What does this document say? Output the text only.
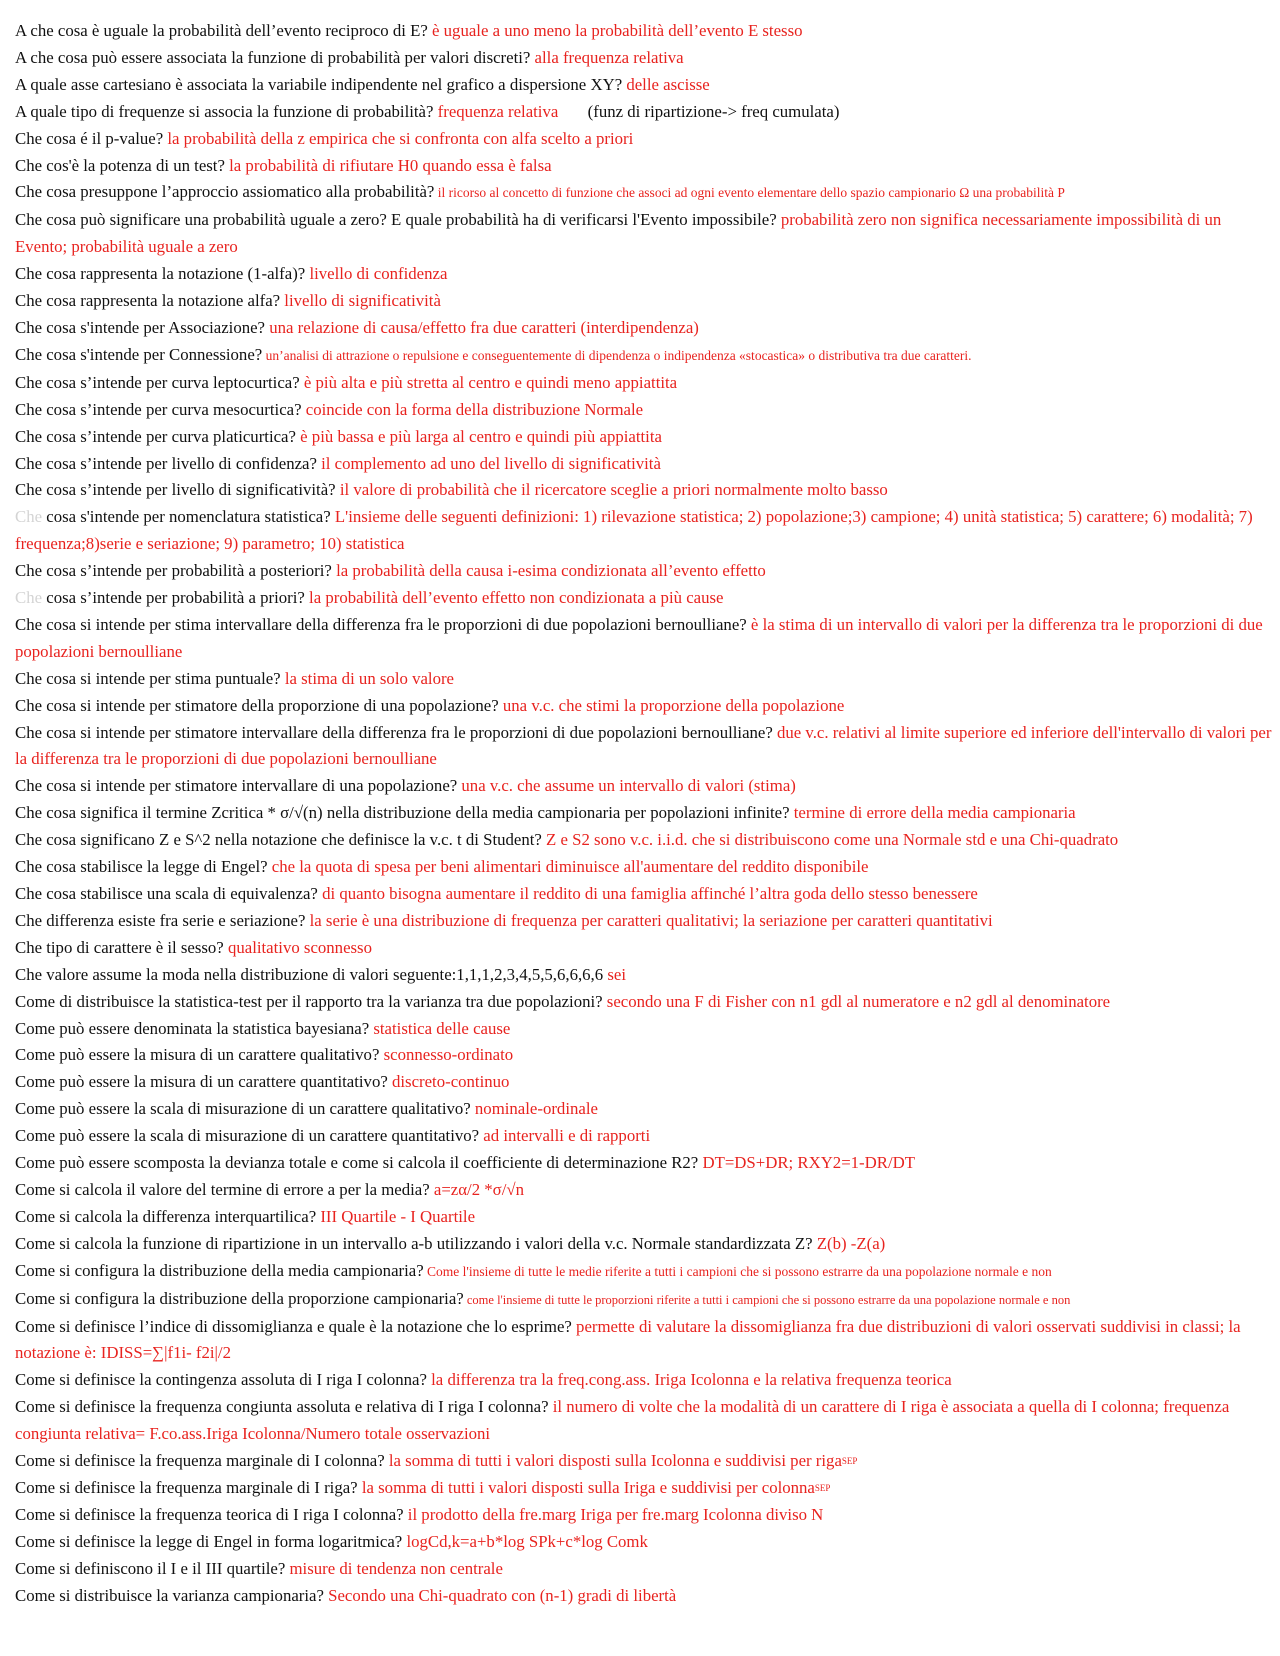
A che cosa è uguale la probabilità dell’evento reciproco di E? è uguale a uno meno la probabilità dell’evento E stesso
A che cosa può essere associata la funzione di probabilità per valori discreti? alla frequenza relativa
A quale asse cartesiano è associata la variabile indipendente nel grafico a dispersione XY? delle ascisse
A quale tipo di frequenze si associa la funzione di probabilità? frequenza relativa       (funz di ripartizione-> freq cumulata)
Che cosa é il p-value? la probabilità della z empirica che si confronta con alfa scelto a priori
Che cos'è la potenza di un test? la probabilità di rifiutare H0 quando essa è falsa
Che cosa presuppone l’approccio assiomatico alla probabilità? il ricorso al concetto di funzione che associ ad ogni evento elementare dello spazio campionario Ω una probabilità P
Che cosa può significare una probabilità uguale a zero? E quale probabilità ha di verificarsi l'Evento impossibile? probabilità zero non significa necessariamente impossibilità di un Evento; probabilità uguale a zero
Che cosa rappresenta la notazione (1-alfa)? livello di confidenza
Che cosa rappresenta la notazione alfa? livello di significatività
Che cosa s'intende per Associazione? una relazione di causa/effetto fra due caratteri (interdipendenza)
Che cosa s'intende per Connessione? un’analisi di attrazione o repulsione e conseguentemente di dipendenza o indipendenza «stocastica» o distributiva tra due caratteri.
Che cosa s’intende per curva leptocurtica? è più alta e più stretta al centro e quindi meno appiattita
Che cosa s’intende per curva mesocurtica? coincide con la forma della distribuzione Normale
Che cosa s’intende per curva platicurtica? è più bassa e più larga al centro e quindi più appiattita
Che cosa s’intende per livello di confidenza? il complemento ad uno del livello di significatività
Che cosa s’intende per livello di significatività? il valore di probabilità che il ricercatore sceglie a priori normalmente molto basso
Che cosa s'intende per nomenclatura statistica? L'insieme delle seguenti definizioni: 1) rilevazione statistica; 2) popolazione;3) campione; 4) unità statistica; 5) carattere; 6) modalità; 7) frequenza;8)serie e seriazione; 9) parametro; 10) statistica
Che cosa s’intende per probabilità a posteriori? la probabilità della causa i-esima condizionata all’evento effetto
Che cosa s’intende per probabilità a priori? la probabilità dell’evento effetto non condizionata a più cause
Che cosa si intende per stima intervallare della differenza fra le proporzioni di due popolazioni bernoulliane? è la stima di un intervallo di valori per la differenza tra le proporzioni di due popolazioni bernoulliane
Che cosa si intende per stima puntuale? la stima di un solo valore
Che cosa si intende per stimatore della proporzione di una popolazione? una v.c. che stimi la proporzione della popolazione
Che cosa si intende per stimatore intervallare della differenza fra le proporzioni di due popolazioni bernoulliane? due v.c. relativi al limite superiore ed inferiore dell'intervallo di valori per la differenza tra le proporzioni di due popolazioni bernoulliane
Che cosa si intende per stimatore intervallare di una popolazione? una v.c. che assume un intervallo di valori (stima)
Che cosa significa il termine Zcritica * σ/√(n) nella distribuzione della media campionaria per popolazioni infinite? termine di errore della media campionaria
Che cosa significano Z e S^2 nella notazione che definisce la v.c. t di Student? Z e S2 sono v.c. i.i.d. che si distribuiscono come una Normale std e una Chi-quadrato
Che cosa stabilisce la legge di Engel? che la quota di spesa per beni alimentari diminuisce all'aumentare del reddito disponibile
Che cosa stabilisce una scala di equivalenza? di quanto bisogna aumentare il reddito di una famiglia affinché l’altra goda dello stesso benessere
Che differenza esiste fra serie e seriazione? la serie è una distribuzione di frequenza per caratteri qualitativi; la seriazione per caratteri quantitativi
Che tipo di carattere è il sesso? qualitativo sconnesso
Che valore assume la moda nella distribuzione di valori seguente:1,1,1,2,3,4,5,5,6,6,6,6 sei
Come di distribuisce la statistica-test per il rapporto tra la varianza tra due popolazioni? secondo una F di Fisher con n1 gdl al numeratore e n2 gdl al denominatore
Come può essere denominata la statistica bayesiana? statistica delle cause
Come può essere la misura di un carattere qualitativo? sconnesso-ordinato
Come può essere la misura di un carattere quantitativo? discreto-continuo
Come può essere la scala di misurazione di un carattere qualitativo? nominale-ordinale
Come può essere la scala di misurazione di un carattere quantitativo? ad intervalli e di rapporti
Come può essere scomposta la devianza totale e come si calcola il coefficiente di determinazione R2? DT=DS+DR; RXY2=1-DR/DT
Come si calcola il valore del termine di errore a per la media? a=zα/2 *σ/√n
Come si calcola la differenza interquartilica? III Quartile - I Quartile
Come si calcola la funzione di ripartizione in un intervallo a-b utilizzando i valori della v.c. Normale standardizzata Z? Z(b) -Z(a)
Come si configura la distribuzione della media campionaria? Come l'insieme di tutte le medie riferite a tutti i campioni che si possono estrarre da una popolazione normale e non
Come si configura la distribuzione della proporzione campionaria? come l'insieme di tutte le proporzioni riferite a tutti i campioni che si possono estrarre da una popolazione normale e non
Come si definisce l’indice di dissomiglianza e quale è la notazione che lo esprime? permette di valutare la dissomiglianza fra due distribuzioni di valori osservati suddivisi in classi; la notazione è: IDISS=∑|f1i- f2i|/2
Come si definisce la contingenza assoluta di I riga I colonna? la differenza tra la freq.cong.ass. Iriga Icolonna e la relativa frequenza teorica
Come si definisce la frequenza congiunta assoluta e relativa di I riga I colonna? il numero di volte che la modalità di un carattere di I riga è associata a quella di I colonna; frequenza congiunta relativa= F.co.ass.Iriga Icolonna/Numero totale osservazioni
Come si definisce la frequenza marginale di I colonna? la somma di tutti i valori disposti sulla Icolonna e suddivisi per rigaSEP
Come si definisce la frequenza marginale di I riga? la somma di tutti i valori disposti sulla Iriga e suddivisi per colonnaSEP
Come si definisce la frequenza teorica di I riga I colonna? il prodotto della fre.marg Iriga per fre.marg Icolonna diviso N
Come si definisce la legge di Engel in forma logaritmica? logCd,k=a+b*log SPk+c*log Comk
Come si definiscono il I e il III quartile? misure di tendenza non centrale
Come si distribuisce la varianza campionaria? Secondo una Chi-quadrato con (n-1) gradi di libertà
